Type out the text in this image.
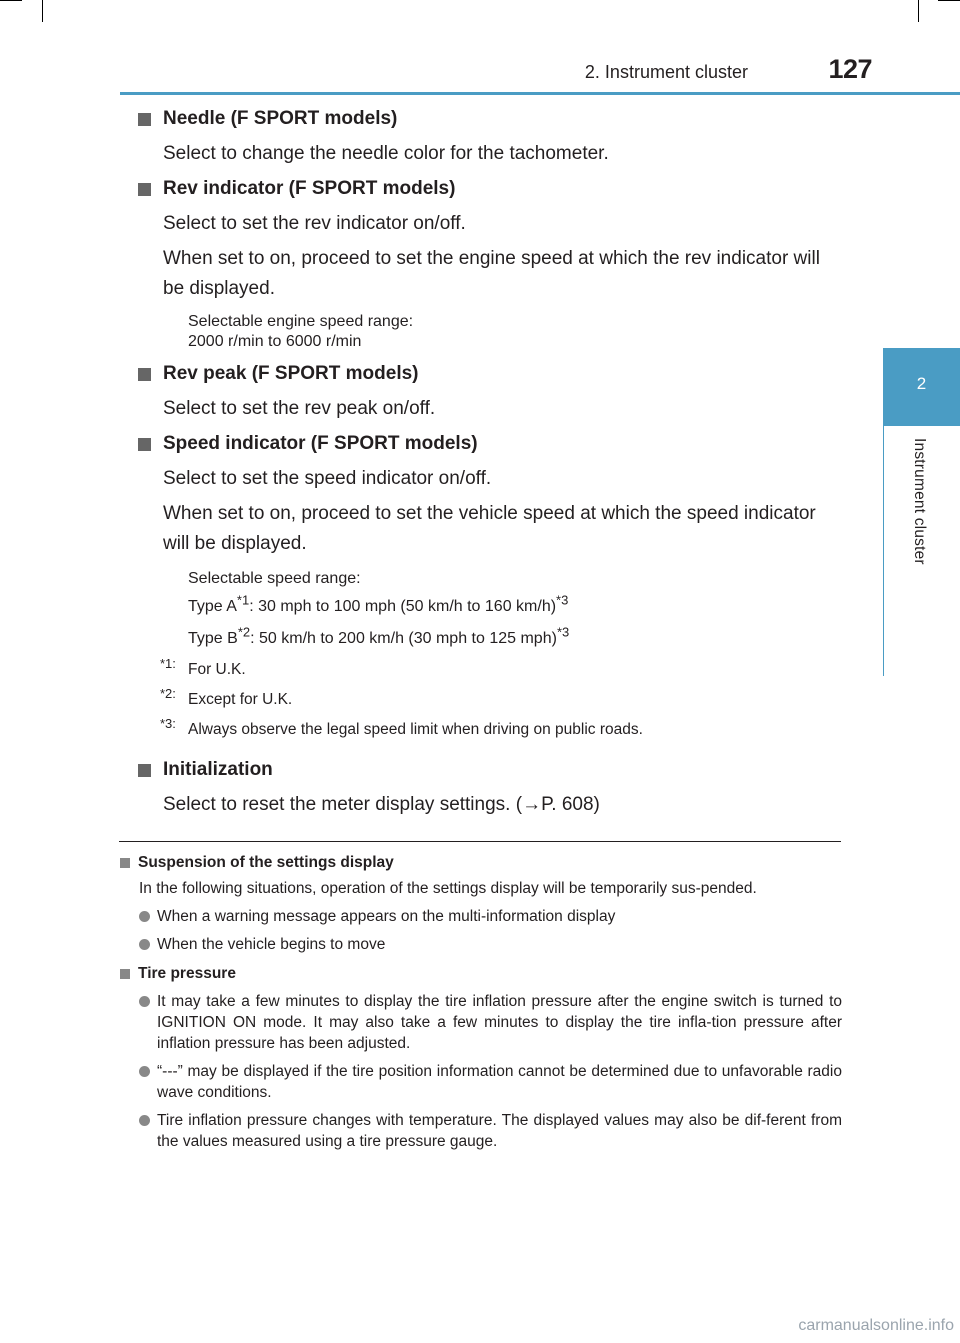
2. Instrument cluster	127
2
Instrument cluster
Needle (F SPORT models)

Select to change the needle color for the tachometer.

Rev indicator (F SPORT models)

Select to set the rev indicator on/off.

When set to on, proceed to set the engine speed at which the rev indicator will be displayed.

Selectable engine speed range:
2000 r/min to 6000 r/min
Rev peak (F SPORT models)

Select to set the rev peak on/off.

Speed indicator (F SPORT models)

Select to set the speed indicator on/off.

When set to on, proceed to set the vehicle speed at which the speed indicator will be displayed.

Selectable speed range:
Type $A^{*1}$: 30 mph to 100 mph (50 km/h to 160 km/h)$^{*3}$
Type $B^{*2}$: 50 km/h to 200 km/h (30 mph to 125 mph)$^{*3}$
$^{*1:}$ For U.K.
$^{*2:}$ Except for U.K.
$^{*3:}$ Always observe the legal speed limit when driving on public roads.
Initialization

Select to reset the meter display settings. (→P. 608)

Suspension of the settings display
In the following situations, operation of the settings display will be temporarily sus-pended.
When a warning message appears on the multi-information display
When the vehicle begins to move
Tire pressure
It may take a few minutes to display the tire inflation pressure after the engine switch is turned to IGNITION ON mode. It may also take a few minutes to display the tire infla-tion pressure after inflation pressure has been adjusted.
“---” may be displayed if the tire position information cannot be determined due to unfavorable radio wave conditions.
Tire inflation pressure changes with temperature. The displayed values may also be dif-ferent from the values measured using a tire pressure gauge.
carmanualsonline.info
